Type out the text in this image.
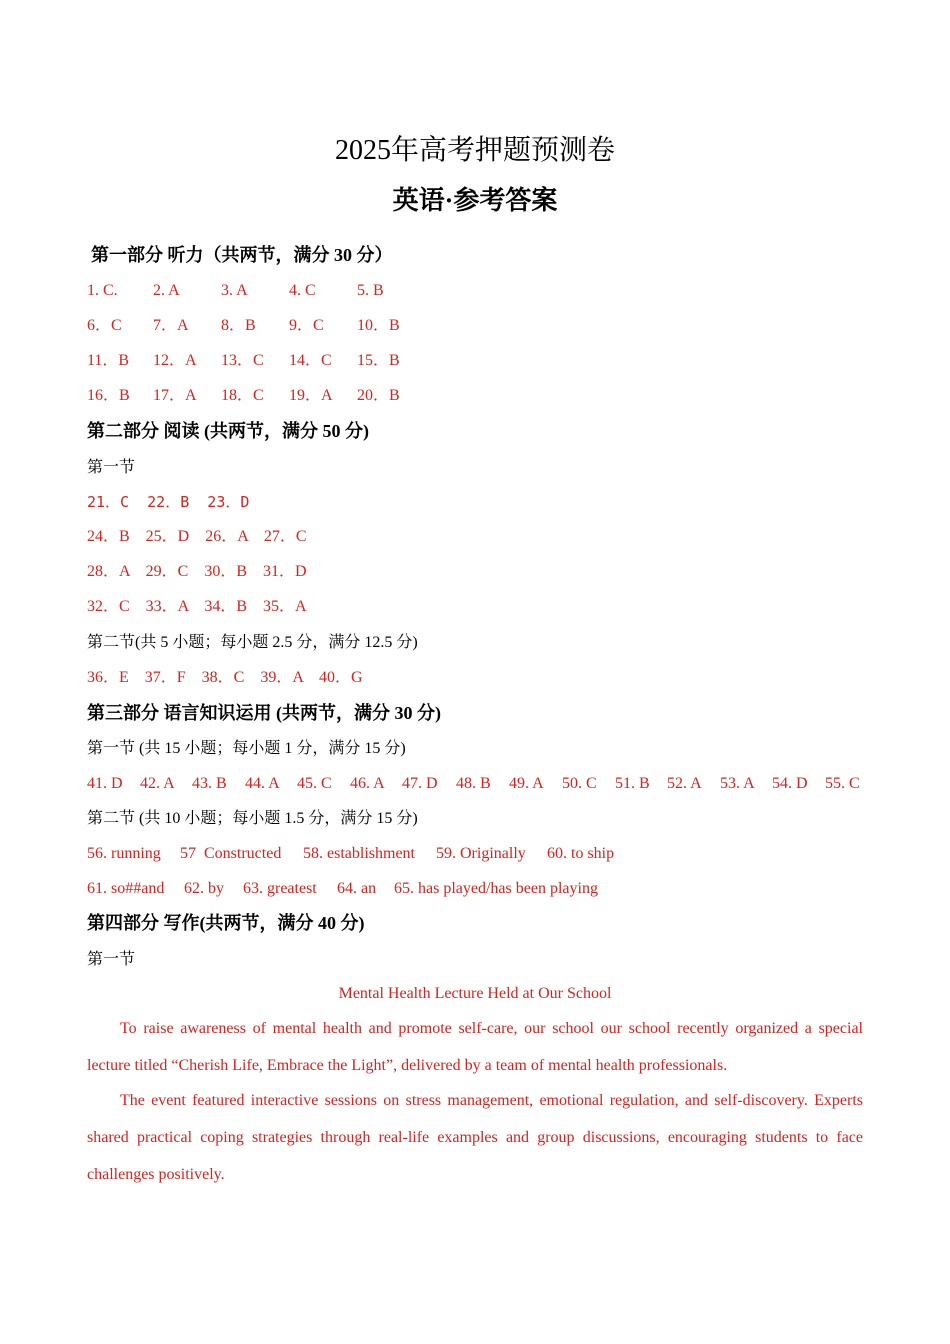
2025年高考押题预测卷
英语·参考答案
第一部分 听力（共两节，满分 30 分）
1. C. 2. A	3. A	4. C	5. B
6．C 7．A 8．B 9．C 10．B
11．B 12．A 13．C 14．C 15．B
16．B 17．A 18．C 19．A 20．B
第二部分 阅读 (共两节，满分 50 分)
第一节
21．C  22．B  23．D
24．B    25．D    26．A    27．C
28．A    29．C    30．B    31．D
32．C    33．A    34．B    35．A
第二节(共 5 小题；每小题 2.5 分，满分 12.5 分)
36．E    37．F    38．C    39．A    40．G
第三部分 语言知识运用 (共两节，满分 30 分)
第一节 (共 15 小题；每小题 1 分，满分 15 分)
41. D 42. A 43. B 44. A 45. C 46. A 47. D 48. B 49. A 50. C 51. B 52. A 53. A 54. D 55. C
第二节 (共 10 小题；每小题 1.5 分，满分 15 分)
56. running 57  Constructed 58. establishment 59. Originally 60. to ship
61. so##and 62. by 63. greatest 64. an 65. has played/has been playing
第四部分 写作(共两节，满分 40 分)
第一节
Mental Health Lecture Held at Our School
To raise awareness of mental health and promote self-care, our school our school recently organized a special lecture titled “Cherish Life, Embrace the Light”, delivered by a team of mental health professionals.
The event featured interactive sessions on stress management, emotional regulation, and self-discovery. Experts shared practical coping strategies through real-life examples and group discussions, encouraging students to face challenges positively.
